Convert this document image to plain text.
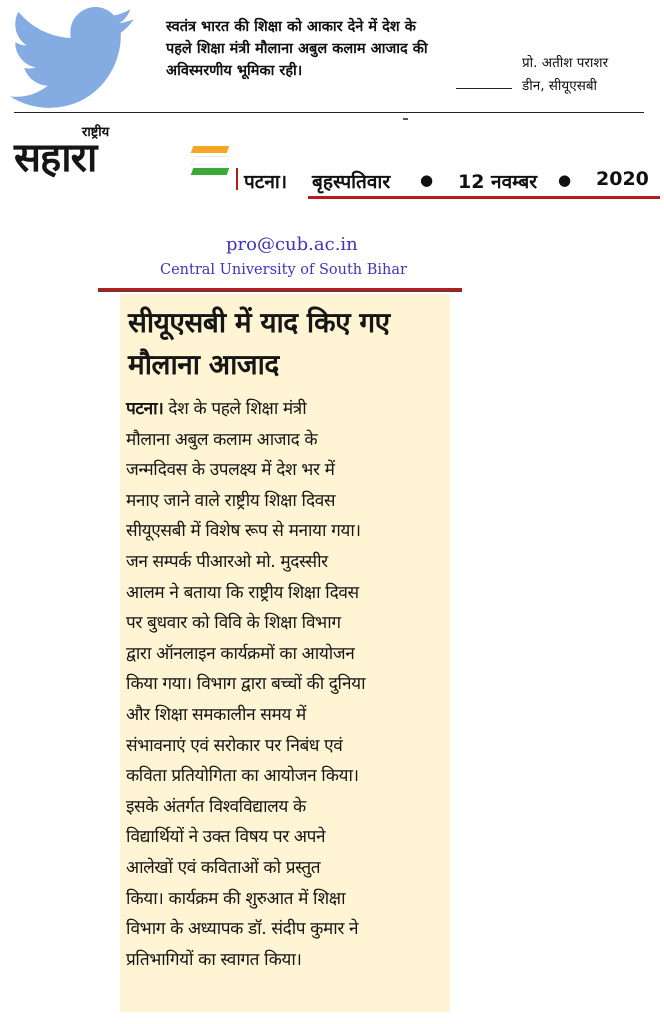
स्वतंत्र भारत की शिक्षा को आकार देने में देश के
पहले शिक्षा मंत्री मौलाना अबुल कलाम आजाद की
अविस्मरणीय भूमिका रही।	प्रो. अतीश पराशर
डीन, सीयूएसबी
राष्ट्रीय
सहारा
पटना। बृहस्पतिवार ● 12 नवम्बर ● 2020
pro@cub.ac.in
Central University of South Bihar
सीयूएसबी में याद किए गए
मौलाना आजाद
पटना। देश के पहले शिक्षा मंत्री
मौलाना अबुल कलाम आजाद के
जन्मदिवस के उपलक्ष्य में देश भर में
मनाए जाने वाले राष्ट्रीय शिक्षा दिवस
सीयूएसबी में विशेष रूप से मनाया गया।
जन सम्पर्क पीआरओ मो. मुदस्सीर
आलम ने बताया कि राष्ट्रीय शिक्षा दिवस
पर बुधवार को विवि के शिक्षा विभाग
द्वारा ऑनलाइन कार्यक्रमों का आयोजन
किया गया। विभाग द्वारा बच्चों की दुनिया
और शिक्षा समकालीन समय में
संभावनाएं एवं सरोकार पर निबंध एवं
कविता प्रतियोगिता का आयोजन किया।
इसके अंतर्गत विश्वविद्यालय के
विद्यार्थियों ने उक्त विषय पर अपने
आलेखों एवं कविताओं को प्रस्तुत
किया। कार्यक्रम की शुरुआत में शिक्षा
विभाग के अध्यापक डॉ. संदीप कुमार ने
प्रतिभागियों का स्वागत किया।
